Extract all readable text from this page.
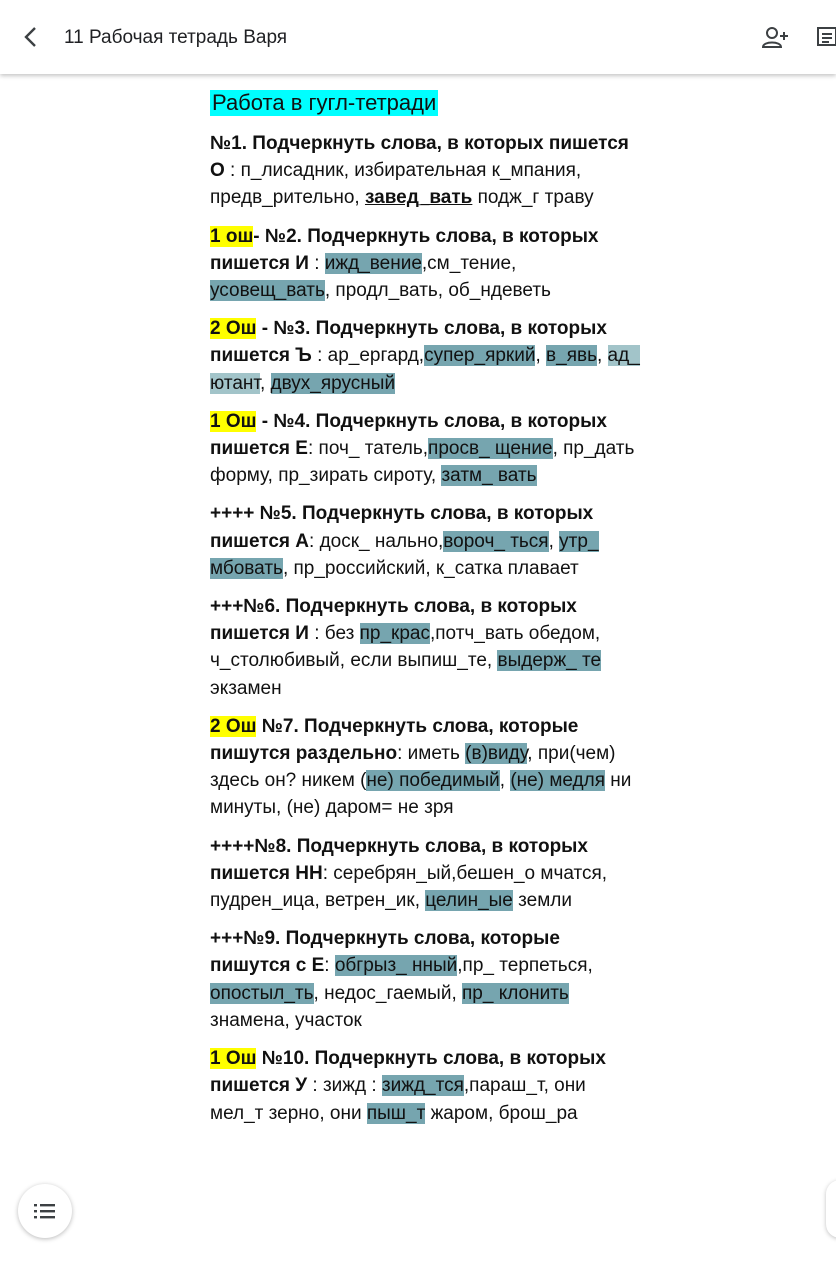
11 Рабочая тетрадь Варя
Работа в гугл-тетради
№1. Подчеркнуть слова, в которых пишется О : п_лисадник, избирательная к_мпания, предв_рительно, завед_вать подж_г траву
1 ош- №2. Подчеркнуть слова, в которых пишется И : ижд_вение,см_тение, усовещ_вать, продл_вать, об_ндеветь
2 Ош - №3. Подчеркнуть слова, в которых пишется Ъ : ар_ергард,супер_яркий, в_явь, ад_ ютант, двух_ярусный
1 Ош - №4. Подчеркнуть слова, в которых пишется Е: поч_ татель,просв_ щение, пр_дать форму, пр_зирать сироту, затм_ вать
++++ №5. Подчеркнуть слова, в которых пишется А: доск_ нально,вороч_ ться, утр_ мбовать, пр_российский, к_сатка плавает
+++№6. Подчеркнуть слова, в которых пишется И : без пр_крас,потч_вать обедом, ч_столюбивый, если выпиш_те, выдерж_ те экзамен
2 Ош №7. Подчеркнуть слова, которые пишутся раздельно: иметь (в)виду, при(чем) здесь он? никем (не) победимый, (не) медля ни минуты, (не) даром= не зря
++++№8. Подчеркнуть слова, в которых пишется НН: серебрян_ый,бешен_о мчатся, пудрен_ица, ветрен_ик, целин_ые земли
+++№9. Подчеркнуть слова, которые пишутся с Е: обгрыз_ нный,пр_ терпеться, опостыл_ть, недос_гаемый, пр_ клонить знамена, участок
1 Ош №10. Подчеркнуть слова, в которых пишется У : зижд : зижд_тся,параш_т, они мел_т зерно, они пыш_т жаром, брош_ра
